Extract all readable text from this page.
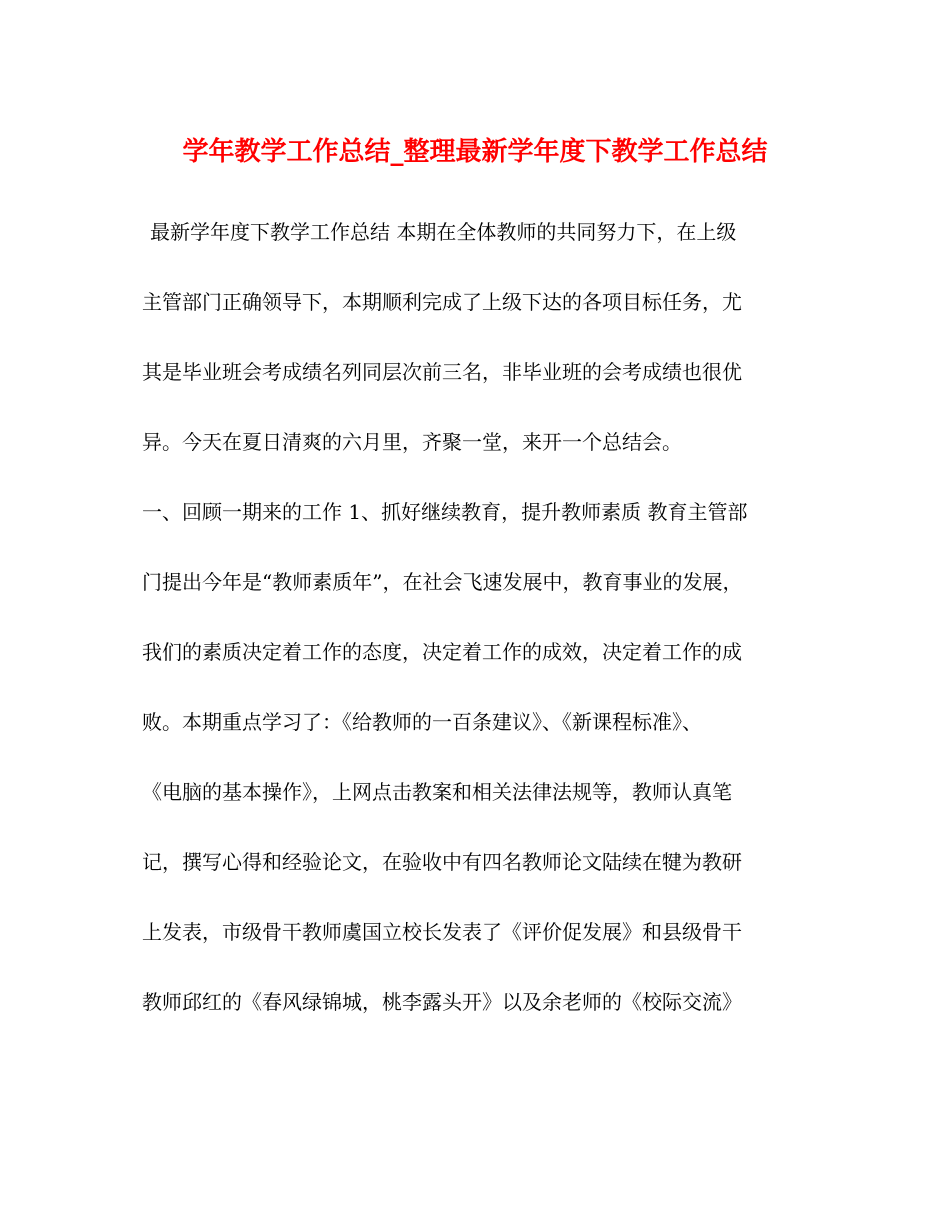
学年教学工作总结_整理最新学年度下教学工作总结
最新学年度下教学工作总结 本期在全体教师的共同努力下，在上级
主管部门正确领导下，本期顺利完成了上级下达的各项目标任务，尤
其是毕业班会考成绩名列同层次前三名，非毕业班的会考成绩也很优
异。今天在夏日清爽的六月里，齐聚一堂，来开一个总结会。
一、回顾一期来的工作 1、抓好继续教育，提升教师素质 教育主管部
门提出今年是“教师素质年”，在社会飞速发展中，教育事业的发展，
我们的素质决定着工作的态度，决定着工作的成效，决定着工作的成
败。本期重点学习了：《给教师的一百条建议》、《新课程标准》、
《电脑的基本操作》，上网点击教案和相关法律法规等，教师认真笔
记，撰写心得和经验论文，在验收中有四名教师论文陆续在犍为教研
上发表，市级骨干教师虞国立校长发表了《评价促发展》和县级骨干
教师邱红的《春风绿锦城，桃李露头开》以及余老师的《校际交流》
